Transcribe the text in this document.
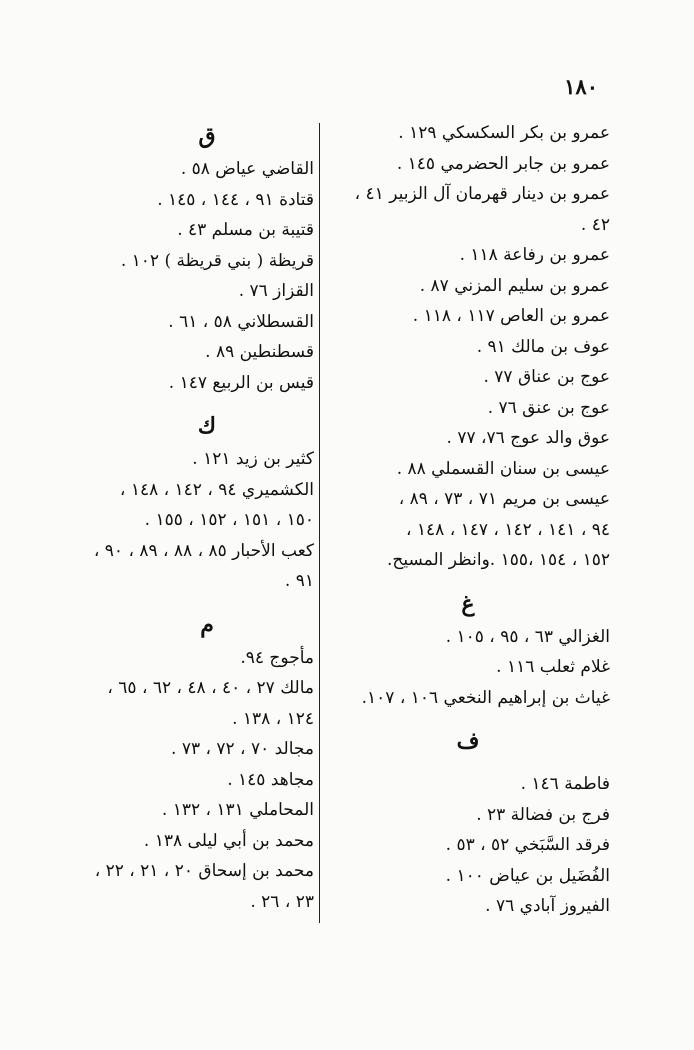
١٨٠
عمرو بن بكر السكسكي ١٢٩ .
عمرو بن جابر الحضرمي ١٤٥ .
عمرو بن دينار قهرمان آل الزبير ٤١ ،
٤٢ .
عمرو بن رفاعة ١١٨ .
عمرو بن سليم المزني ٨٧ .
عمرو بن العاص ١١٧ ، ١١٨ .
عوف بن مالك ٩١ .
عوج بن عناق ٧٧ .
عوج بن عنق ٧٦ .
عوق والد عوج ٧٦، ٧٧ .
عيسى بن سنان القسملي ٨٨ .
عيسى بن مريم ٧١ ، ٧٣ ، ٨٩ ،
٩٤ ، ١٤١ ، ١٤٢ ، ١٤٧ ، ١٤٨ ،
١٥٢ ، ١٥٤ ،١٥٥ .وانظر المسيح.
غ
الغزالي ٦٣ ، ٩٥ ، ١٠٥ .
غلام ثعلب ١١٦ .
غياث بن إبراهيم النخعي ١٠٦ ، ١٠٧.
ف
فاطمة ١٤٦ .
فرج بن فضالة ٢٣ .
فرقد السَّبَخي ٥٢ ، ٥٣ .
الفُضَيل بن عياض ١٠٠ .
الفيروز آبادي ٧٦ .
ق
القاضي عياض ٥٨ .
قتادة ٩١ ، ١٤٤ ، ١٤٥ .
قتيبة بن مسلم ٤٣ .
قريظة ( بني قريظة ) ١٠٢ .
القزاز ٧٦ .
القسطلاني ٥٨ ، ٦١ .
قسطنطين ٨٩ .
قيس بن الربيع ١٤٧ .
ك
كثير بن زيد ١٢١ .
الكشميري ٩٤ ، ١٤٢ ، ١٤٨ ،
١٥٠ ، ١٥١ ، ١٥٢ ، ١٥٥ .
كعب الأحبار ٨٥ ، ٨٨ ، ٨٩ ، ٩٠ ،
٩١ .
م
مأجوج ٩٤.
مالك ٢٧ ، ٤٠ ، ٤٨ ، ٦٢ ، ٦٥ ،
١٢٤ ، ١٣٨ .
مجالد ٧٠ ، ٧٢ ، ٧٣ .
مجاهد ١٤٥ .
المحاملي ١٣١ ، ١٣٢ .
محمد بن أبي ليلى ١٣٨ .
محمد بن إسحاق ٢٠ ، ٢١ ، ٢٢ ،
٢٣ ، ٢٦ .
